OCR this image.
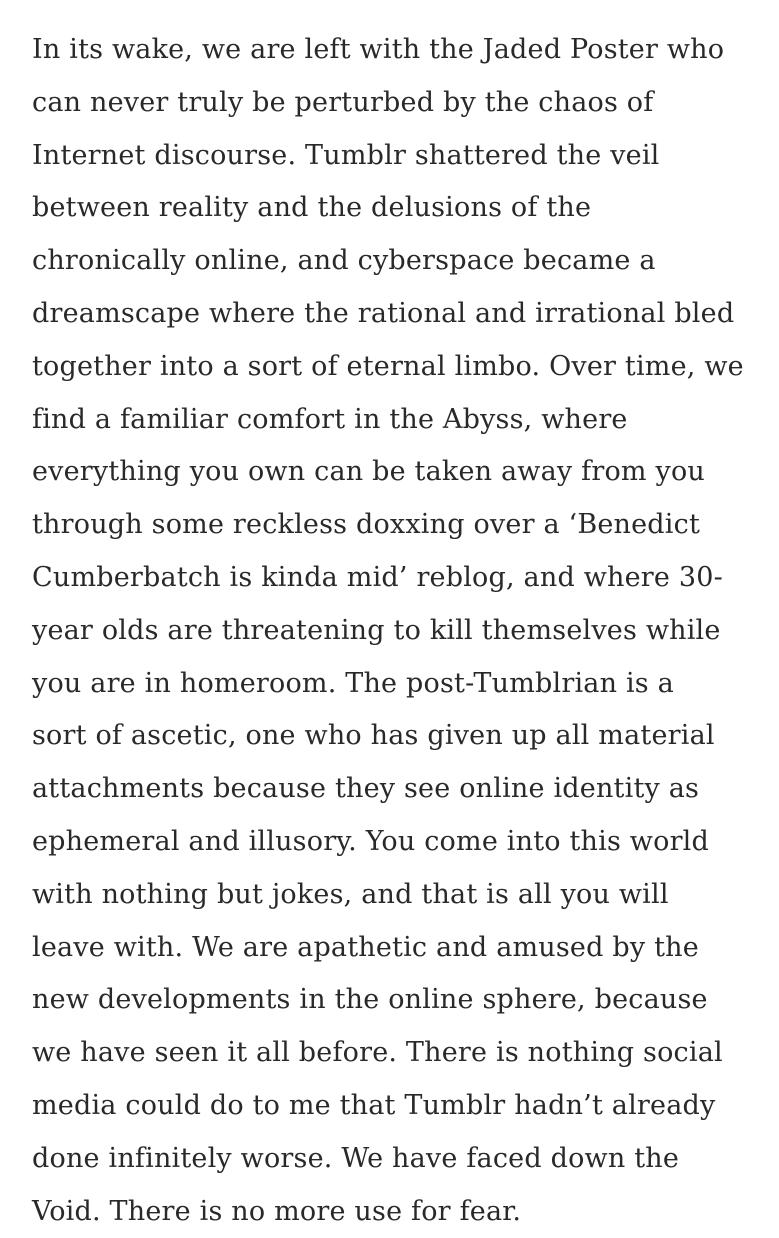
In its wake, we are left with the Jaded Poster who
can never truly be perturbed by the chaos of
Internet discourse. Tumblr shattered the veil
between reality and the delusions of the
chronically online, and cyberspace became a
dreamscape where the rational and irrational bled
together into a sort of eternal limbo. Over time, we
find a familiar comfort in the Abyss, where
everything you own can be taken away from you
through some reckless doxxing over a ‘Benedict
Cumberbatch is kinda mid’ reblog, and where 30-
year olds are threatening to kill themselves while
you are in homeroom. The post-Tumblrian is a
sort of ascetic, one who has given up all material
attachments because they see online identity as
ephemeral and illusory. You come into this world
with nothing but jokes, and that is all you will
leave with. We are apathetic and amused by the
new developments in the online sphere, because
we have seen it all before. There is nothing social
media could do to me that Tumblr hadn’t already
done infinitely worse. We have faced down the
Void. There is no more use for fear.
